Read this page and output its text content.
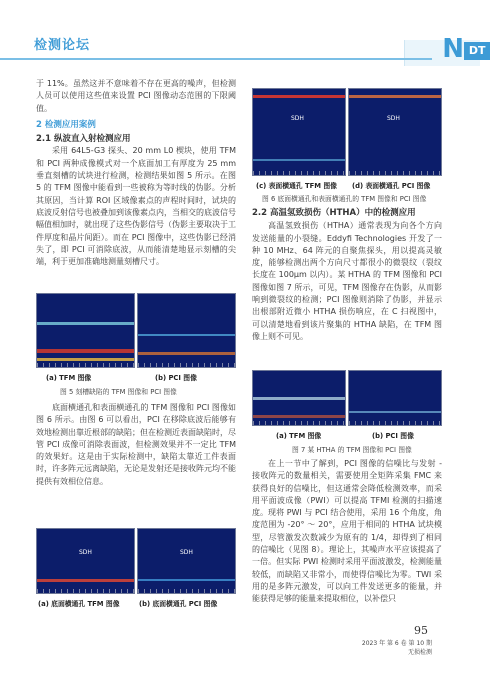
检测论坛	N DT

于 11%。虽然这并不意味着不存在更高的噪声，但检测人员可以使用这些值来设置 PCI 图像动态范围的下限阈值。

2 检测应用案例
2.1 纵波直入射检测应用

采用 64L5-G3 探头、20 mm L0 楔块，使用 TFM 和 PCI 两种成像模式对一个底面加工有厚度为 25 mm 垂直刻槽的试块进行检测，检测结果如图 5 所示。在图 5 的 TFM 图像中能看到一些被称为等时线的伪影。分析其原因，当计算 ROI 区域像素点的声程时间时，试块的底波反射信号也被叠加到该像素点内，当相交的底波信号幅值相加时，就出现了这些伪影信号（伪影主要取决于工件厚度和晶片间距）。而在 PCI 图像中，这些伪影已经消失了，即 PCI 可消除底波，从而能清楚地显示刻槽的尖端，利于更加准确地测量刻槽尺寸。

(a) TFM 图像	(b) PCI 图像
图 5 刻槽缺陷的 TFM 图像和 PCI 图像

底面横通孔和表面横通孔的 TFM 图像和 PCI 图像如图 6 所示。由图 6 可以看出，PCI 在移除底波后能够有效地检测出靠近根部的缺陷；但在检测近表面缺陷时，尽管 PCI 成像可消除表面波，但检测效果并不一定比 TFM 的效果好。这是由于实际检测中，缺陷太靠近工件表面时，许多阵元远离缺陷，无论是发射还是接收阵元均不能提供有效相位信息。

SDH	SDH
(a) 底面横通孔 TFM 图像	(b) 底面横通孔 PCI 图像
SDH	SDH
(c) 表面横通孔 TFM 图像 (d) 表面横通孔 PCI 图像
图 6 底面横通孔和表面横通孔的 TFM 图像和 PCI 图像
2.2 高温氢致损伤（HTHA）中的检测应用

高温氢致损伤（HTHA）通常表现为向各个方向发送能量的小裂缝。Eddyfi Technologies 开发了一种 10 MHz、64 阵元的自聚焦探头，用以提高灵敏度，能够检测出两个方向尺寸都很小的微裂纹（裂纹长度在 100μm 以内）。某 HTHA 的 TFM 图像和 PCI 图像如图 7 所示，可见，TFM 图像存在伪影，从而影响到微裂纹的检测；PCI 图像则消除了伪影，并显示出根部附近微小 HTHA 损伤响应，在 C 扫视图中，可以清楚地看到该片聚集的 HTHA 缺陷，在 TFM 图像上则不可见。

(a) TFM 图像	(b) PCI 图像
图 7 某 HTHA 的 TFM 图像和 PCI 图像

在上一节中了解到，PCI 图像的信噪比与发射 - 接收阵元的数量相关，需要使用全矩阵采集 FMC 来获得良好的信噪比，但这通常会降低检测效率，而采用平面波成像（PWI）可以提高 TFMI 检测的扫描速度。现将 PWI 与 PCI 结合使用，采用 16 个角度，角度范围为 -20° ～ 20°，应用于相同的 HTHA 试块模型，尽管激发次数减少为原有的 1/4，却得到了相同的信噪比（见图 8）。理论上，其噪声水平应该提高了一倍。但实际 PWI 检测时采用平面波激发，检测能量较低，而缺陷又非常小，而使得信噪比为零。TWI 采用的是多阵元激发，可以向工件发送更多的能量，并能获得足够的能量来提取相位，以补偿只

95
2023 年 第 6 卷 第 10 期
无损检测
